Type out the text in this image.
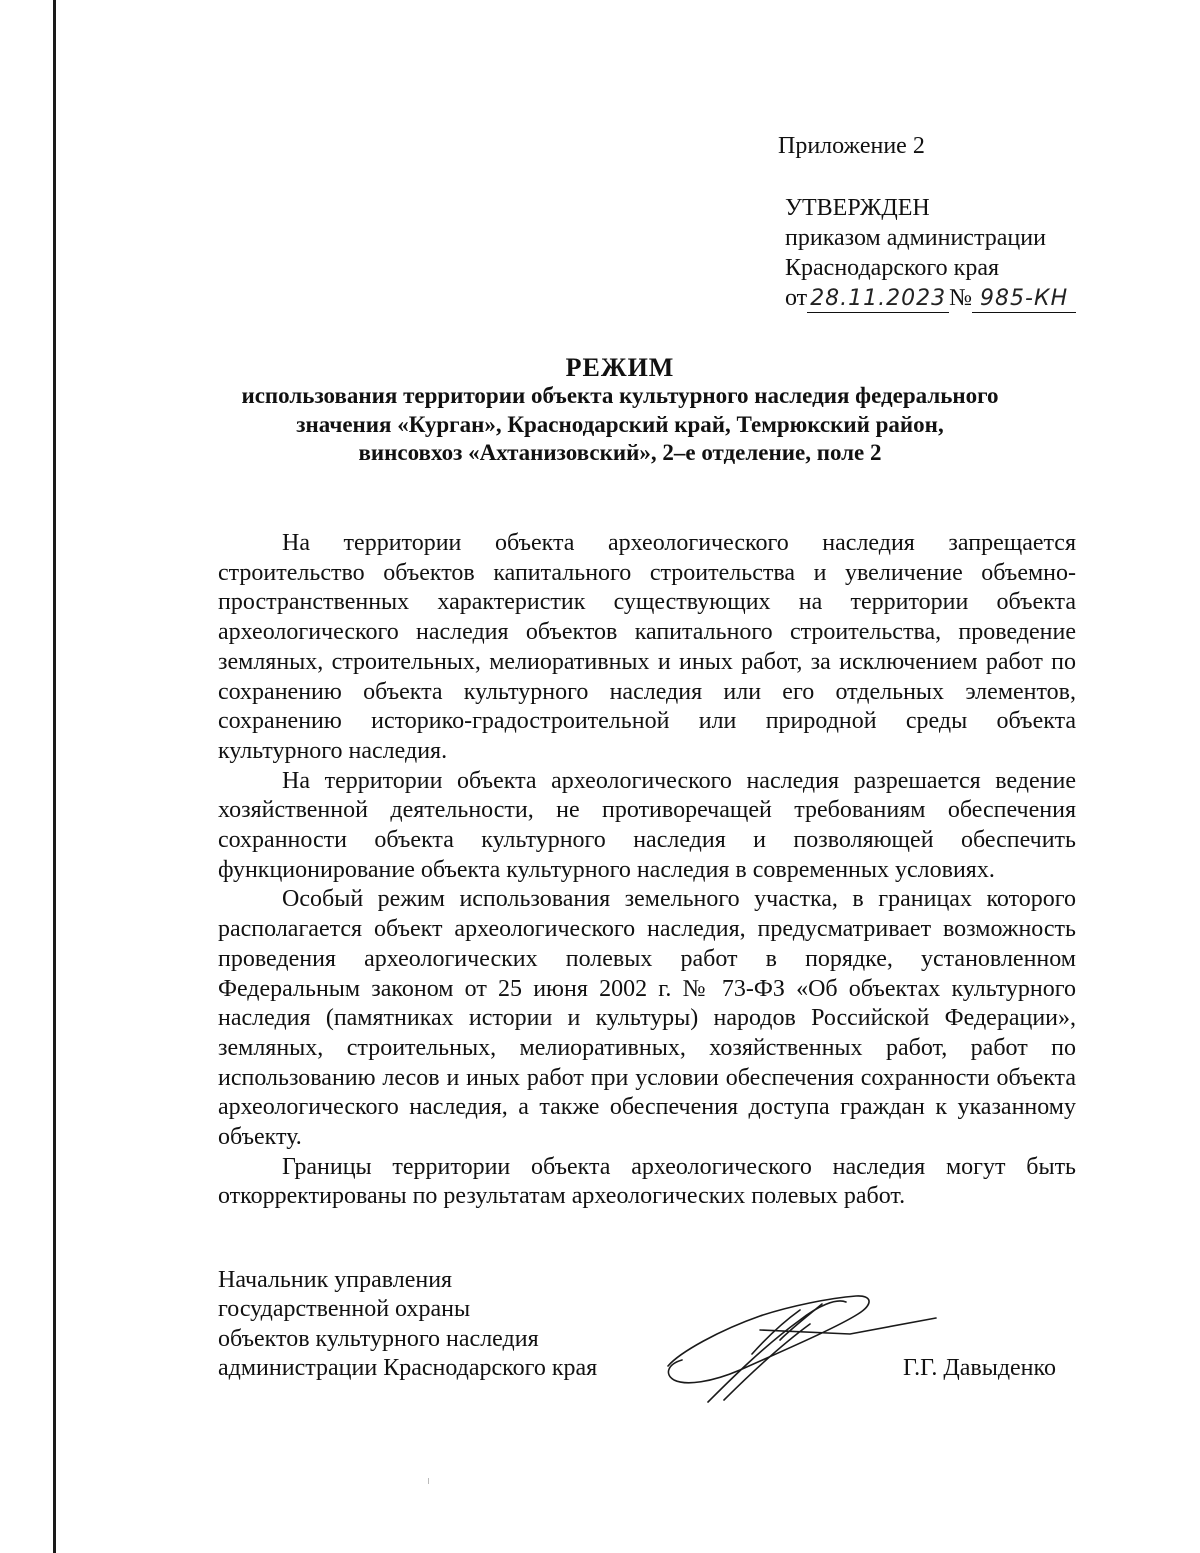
Приложение 2
УТВЕРЖДЕН
приказом администрации
Краснодарского края
от 28.11.2023 № 985-КН
РЕЖИМ
использования территории объекта культурного наследия федерального
значения «Курган», Краснодарский край, Темрюкский район,
винсовхоз «Ахтанизовский», 2–е отделение, поле 2

На территории объекта археологического наследия запрещается строительство объектов капитального строительства и увеличение объемно-пространственных характеристик существующих на территории объекта археологического наследия объектов капитального строительства, проведение земляных, строительных, мелиоративных и иных работ, за исключением работ по сохранению объекта культурного наследия или его отдельных элементов, сохранению историко-градостроительной или природной среды объекта культурного наследия.

На территории объекта археологического наследия разрешается ведение хозяйственной деятельности, не противоречащей требованиям обеспечения сохранности объекта культурного наследия и позволяющей обеспечить функционирование объекта культурного наследия в современных условиях.

Особый режим использования земельного участка, в границах которого располагается объект археологического наследия, предусматривает возможность проведения археологических полевых работ в порядке, установленном Федеральным законом от 25 июня 2002 г. № 73-ФЗ «Об объектах культурного наследия (памятниках истории и культуры) народов Российской Федерации», земляных, строительных, мелиоративных, хозяйственных работ, работ по использованию лесов и иных работ при условии обеспечения сохранности объекта археологического наследия, а также обеспечения доступа граждан к указанному объекту.

Границы территории объекта археологического наследия могут быть откорректированы по результатам археологических полевых работ.

Начальник управления
государственной охраны
объектов культурного наследия
администрации Краснодарского края	Г.Г. Давыденко
